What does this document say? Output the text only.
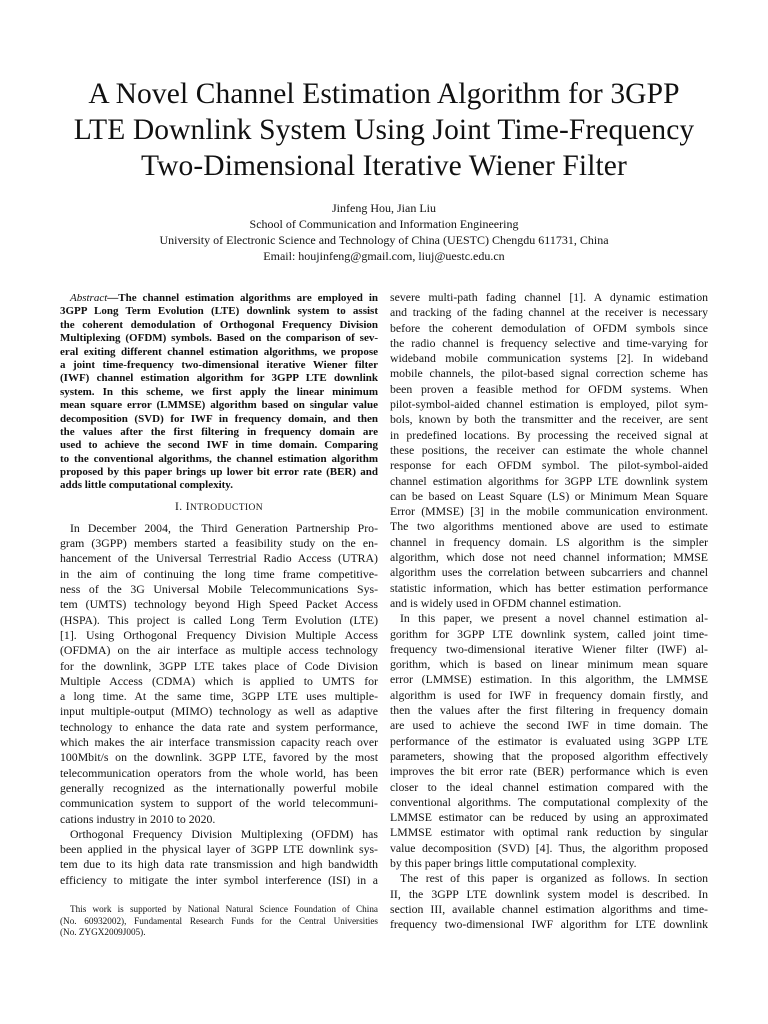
A Novel Channel Estimation Algorithm for 3GPP
LTE Downlink System Using Joint Time-Frequency
Two-Dimensional Iterative Wiener Filter
Jinfeng Hou, Jian Liu
School of Communication and Information Engineering
University of Electronic Science and Technology of China (UESTC) Chengdu 611731, China
Email: houjinfeng@gmail.com, liuj@uestc.edu.cn
Abstract—The channel estimation algorithms are employed in
3GPP Long Term Evolution (LTE) downlink system to assist
the coherent demodulation of Orthogonal Frequency Division
Multiplexing (OFDM) symbols. Based on the comparison of sev-
eral exiting different channel estimation algorithms, we propose
a joint time-frequency two-dimensional iterative Wiener filter
(IWF) channel estimation algorithm for 3GPP LTE downlink
system. In this scheme, we first apply the linear minimum
mean square error (LMMSE) algorithm based on singular value
decomposition (SVD) for IWF in frequency domain, and then
the values after the first filtering in frequency domain are
used to achieve the second IWF in time domain. Comparing
to the conventional algorithms, the channel estimation algorithm
proposed by this paper brings up lower bit error rate (BER) and
adds little computational complexity.
I. INTRODUCTION
In December 2004, the Third Generation Partnership Pro-
gram (3GPP) members started a feasibility study on the en-
hancement of the Universal Terrestrial Radio Access (UTRA)
in the aim of continuing the long time frame competitive-
ness of the 3G Universal Mobile Telecommunications Sys-
tem (UMTS) technology beyond High Speed Packet Access
(HSPA). This project is called Long Term Evolution (LTE)
[1]. Using Orthogonal Frequency Division Multiple Access
(OFDMA) on the air interface as multiple access technology
for the downlink, 3GPP LTE takes place of Code Division
Multiple Access (CDMA) which is applied to UMTS for
a long time. At the same time, 3GPP LTE uses multiple-
input multiple-output (MIMO) technology as well as adaptive
technology to enhance the data rate and system performance,
which makes the air interface transmission capacity reach over
100Mbit/s on the downlink. 3GPP LTE, favored by the most
telecommunication operators from the whole world, has been
generally recognized as the internationally powerful mobile
communication system to support of the world telecommuni-
cations industry in 2010 to 2020.
Orthogonal Frequency Division Multiplexing (OFDM) has
been applied in the physical layer of 3GPP LTE downlink sys-
tem due to its high data rate transmission and high bandwidth
efficiency to mitigate the inter symbol interference (ISI) in a
This work is supported by National Natural Science Foundation of China
(No. 60932002), Fundamental Research Funds for the Central Universities
(No. ZYGX2009J005).
severe multi-path fading channel [1]. A dynamic estimation
and tracking of the fading channel at the receiver is necessary
before the coherent demodulation of OFDM symbols since
the radio channel is frequency selective and time-varying for
wideband mobile communication systems [2]. In wideband
mobile channels, the pilot-based signal correction scheme has
been proven a feasible method for OFDM systems. When
pilot-symbol-aided channel estimation is employed, pilot sym-
bols, known by both the transmitter and the receiver, are sent
in predefined locations. By processing the received signal at
these positions, the receiver can estimate the whole channel
response for each OFDM symbol. The pilot-symbol-aided
channel estimation algorithms for 3GPP LTE downlink system
can be based on Least Square (LS) or Minimum Mean Square
Error (MMSE) [3] in the mobile communication environment.
The two algorithms mentioned above are used to estimate
channel in frequency domain. LS algorithm is the simpler
algorithm, which dose not need channel information; MMSE
algorithm uses the correlation between subcarriers and channel
statistic information, which has better estimation performance
and is widely used in OFDM channel estimation.
In this paper, we present a novel channel estimation al-
gorithm for 3GPP LTE downlink system, called joint time-
frequency two-dimensional iterative Wiener filter (IWF) al-
gorithm, which is based on linear minimum mean square
error (LMMSE) estimation. In this algorithm, the LMMSE
algorithm is used for IWF in frequency domain firstly, and
then the values after the first filtering in frequency domain
are used to achieve the second IWF in time domain. The
performance of the estimator is evaluated using 3GPP LTE
parameters, showing that the proposed algorithm effectively
improves the bit error rate (BER) performance which is even
closer to the ideal channel estimation compared with the
conventional algorithms. The computational complexity of the
LMMSE estimator can be reduced by using an approximated
LMMSE estimator with optimal rank reduction by singular
value decomposition (SVD) [4]. Thus, the algorithm proposed
by this paper brings little computational complexity.
The rest of this paper is organized as follows. In section
II, the 3GPP LTE downlink system model is described. In
section III, available channel estimation algorithms and time-
frequency two-dimensional IWF algorithm for LTE downlink
